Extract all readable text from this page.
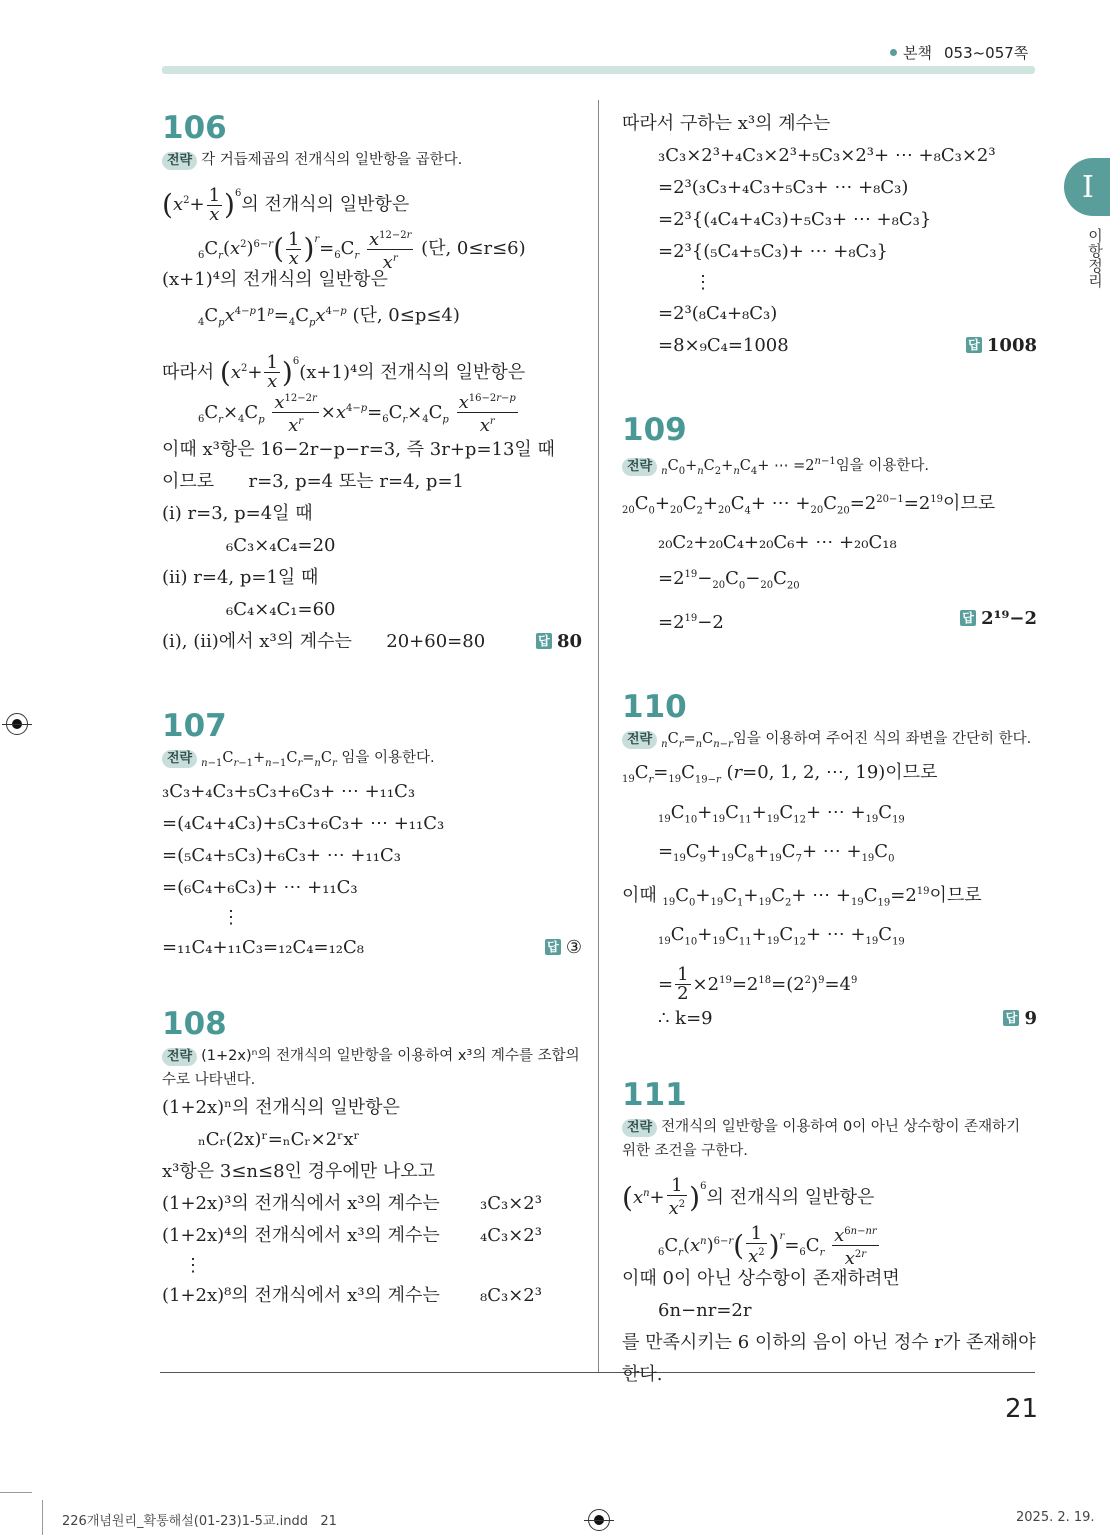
본책 053~057쪽
I
이항정리
106
전략 각 거듭제곱의 전개식의 일반항을 곱한다.
$(x^2+ \frac{1}{x} )^6$의 전개식의 일반항은
$_6C_r(x^2)^{6-r}( \frac{1}{x} )^r=_6C_r \frac{x^{12-2r}}{x^r}$ (단, 0≤r≤6)
(x+1)⁴의 전개식의 일반항은
$_4C_px^{4-p}1^p=_4C_px^{4-p}$ (단, 0≤p≤4)
따라서 $(x^2+ \frac{1}{x} )^6(x+1)^4$의 전개식의 일반항은
$_6C_r\times_4C_p \frac{x^{12-2r}}{x^r} \times x^{4-p}=_6C_r\times_4C_p \frac{x^{16-2r-p}}{x^r}$
이때 x³항은 16−2r−p−r=3, 즉 3r+p=13일 때
이므로      r=3, p=4 또는 r=4, p=1
(i) r=3, p=4일 때
₆C₃×₄C₄=20
(ii) r=4, p=1일 때
₆C₄×₄C₁=60
(i), (ii)에서 x³의 계수는      20+60=80	답 80
107
전략 $_{n-1}C_{r-1}+_{n-1}C_r=_nC_r$ 임을 이용한다.
₃C₃+₄C₃+₅C₃+₆C₃+ ⋯ +₁₁C₃
=(₄C₄+₄C₃)+₅C₃+₆C₃+ ⋯ +₁₁C₃
=(₅C₄+₅C₃)+₆C₃+ ⋯ +₁₁C₃
=(₆C₄+₆C₃)+ ⋯ +₁₁C₃
⋮
=₁₁C₄+₁₁C₃=₁₂C₄=₁₂C₈	답 ③
108
전략 (1+2x)ⁿ의 전개식의 일반항을 이용하여 x³의 계수를 조합의 수로 나타낸다.
(1+2x)ⁿ의 전개식의 일반항은
ₙCᵣ(2x)ʳ=ₙCᵣ×2ʳxʳ
x³항은 3≤n≤8인 경우에만 나오고
(1+2x)³의 전개식에서 x³의 계수는 ₃C₃×2³
(1+2x)⁴의 전개식에서 x³의 계수는 ₄C₃×2³
⋮
(1+2x)⁸의 전개식에서 x³의 계수는 ₈C₃×2³
따라서 구하는 x³의 계수는
₃C₃×2³+₄C₃×2³+₅C₃×2³+ ⋯ +₈C₃×2³
=2³(₃C₃+₄C₃+₅C₃+ ⋯ +₈C₃)
=2³{(₄C₄+₄C₃)+₅C₃+ ⋯ +₈C₃}
=2³{(₅C₄+₅C₃)+ ⋯ +₈C₃}
⋮
=2³(₈C₄+₈C₃)
=8×₉C₄=1008	답 1008
109
전략 $_nC_0+_nC_2+_nC_4+$ ⋯ $=2^{n-1}$임을 이용한다.
$_{20}C_0+_{20}C_2+_{20}C_4+$ ⋯ $+_{20}C_{20}=2^{20-1}=2^{19}$이므로
₂₀C₂+₂₀C₄+₂₀C₆+ ⋯ +₂₀C₁₈
$=2^{19}-_{20}C_0-_{20}C_{20}$
$=2^{19}-2$	답 2¹⁹−2
110
전략 $_nC_r=_nC_{n-r}$임을 이용하여 주어진 식의 좌변을 간단히 한다.
$_{19}C_r=_{19}C_{19-r}$ (r=0, 1, 2, ⋯, 19)이므로
$_{19}C_{10}+_{19}C_{11}+_{19}C_{12}+$ ⋯ $+_{19}C_{19}$
$=_{19}C_9+_{19}C_8+_{19}C_7+$ ⋯ $+_{19}C_0$
이때 $_{19}C_0+_{19}C_1+_{19}C_2+$ ⋯ $+_{19}C_{19}=2^{19}$이므로
$_{19}C_{10}+_{19}C_{11}+_{19}C_{12}+$ ⋯ $+_{19}C_{19}$
= $\frac{1}{2} \times 2^{19}=2^{18}=(2^2)^9=4^9$
∴ k=9	답 9
111
전략 전개식의 일반항을 이용하여 0이 아닌 상수항이 존재하기 위한 조건을 구한다.
$(x^n+ \frac{1}{x^2} )^6$의 전개식의 일반항은
$_6C_r(x^n)^{6-r}( \frac{1}{x^2} )^r=_6C_r \frac{x^{6n-nr}}{x^{2r}}$
이때 0이 아닌 상수항이 존재하려면
6n−nr=2r
를 만족시키는 6 이하의 음이 아닌 정수 r가 존재해야 한다.
21
226개념원리_확통해설(01-23)1-5교.indd   21	2025. 2. 19.
